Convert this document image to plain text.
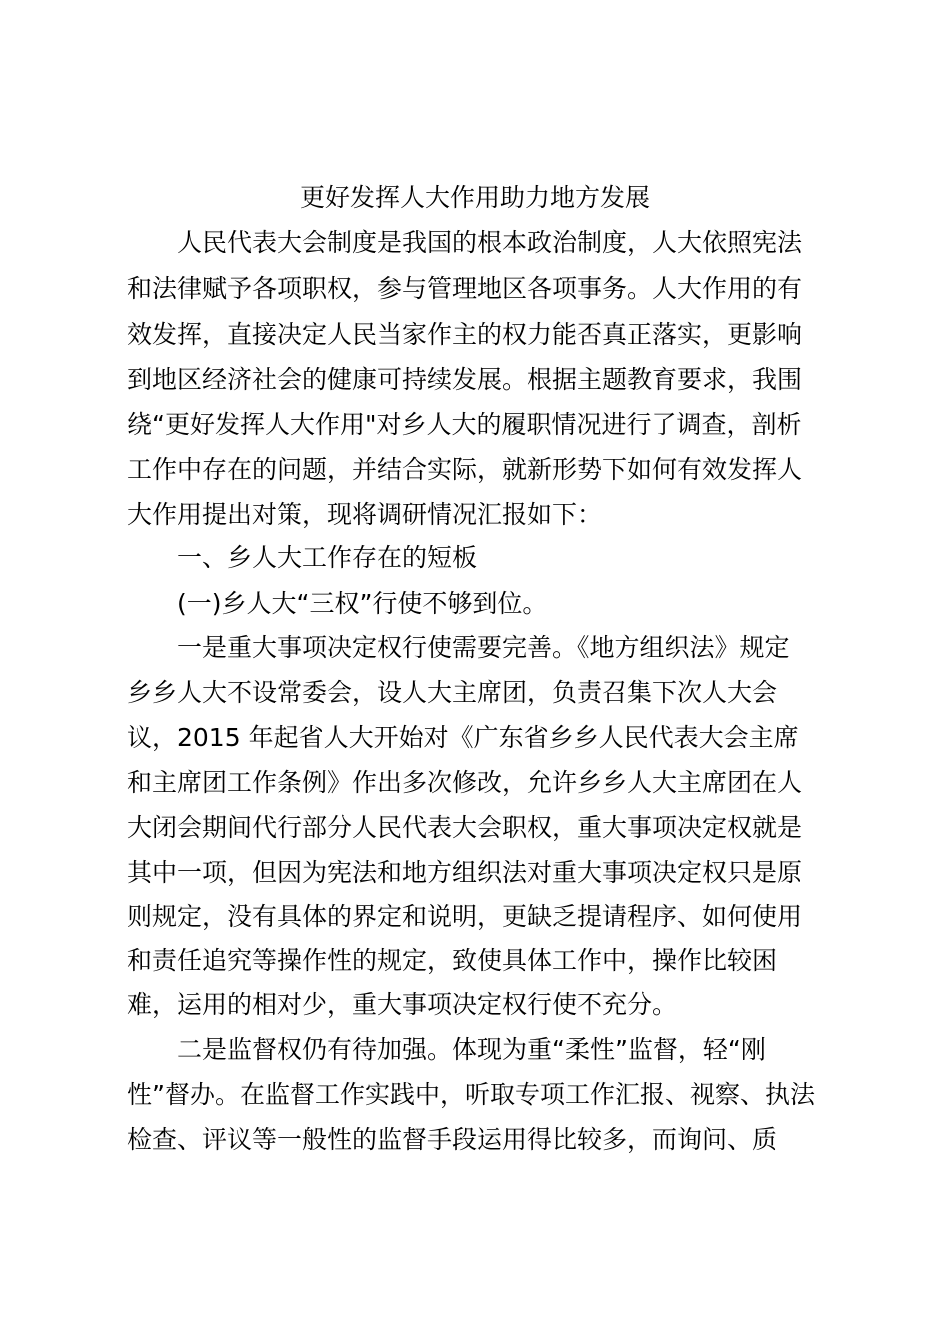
更好发挥人大作用助力地方发展

人民代表大会制度是我国的根本政治制度，人大依照宪法

和法律赋予各项职权，参与管理地区各项事务。人大作用的有

效发挥，直接决定人民当家作主的权力能否真正落实，更影响

到地区经济社会的健康可持续发展。根据主题教育要求，我围

绕“更好发挥人大作用"对乡人大的履职情况进行了调查，剖析

工作中存在的问题，并结合实际，就新形势下如何有效发挥人

大作用提出对策，现将调研情况汇报如下：

一、乡人大工作存在的短板

(一)乡人大“三权”行使不够到位。

一是重大事项决定权行使需要完善。《地方组织法》规定

乡乡人大不设常委会，设人大主席团，负责召集下次人大会

议，2015 年起省人大开始对《广东省乡乡人民代表大会主席

和主席团工作条例》作出多次修改，允许乡乡人大主席团在人

大闭会期间代行部分人民代表大会职权，重大事项决定权就是

其中一项，但因为宪法和地方组织法对重大事项决定权只是原

则规定，没有具体的界定和说明，更缺乏提请程序、如何使用

和责任追究等操作性的规定，致使具体工作中，操作比较困

难，运用的相对少，重大事项决定权行使不充分。

二是监督权仍有待加强。体现为重“柔性”监督，轻“刚

性”督办。在监督工作实践中，听取专项工作汇报、视察、执法

检查、评议等一般性的监督手段运用得比较多，而询问、质
